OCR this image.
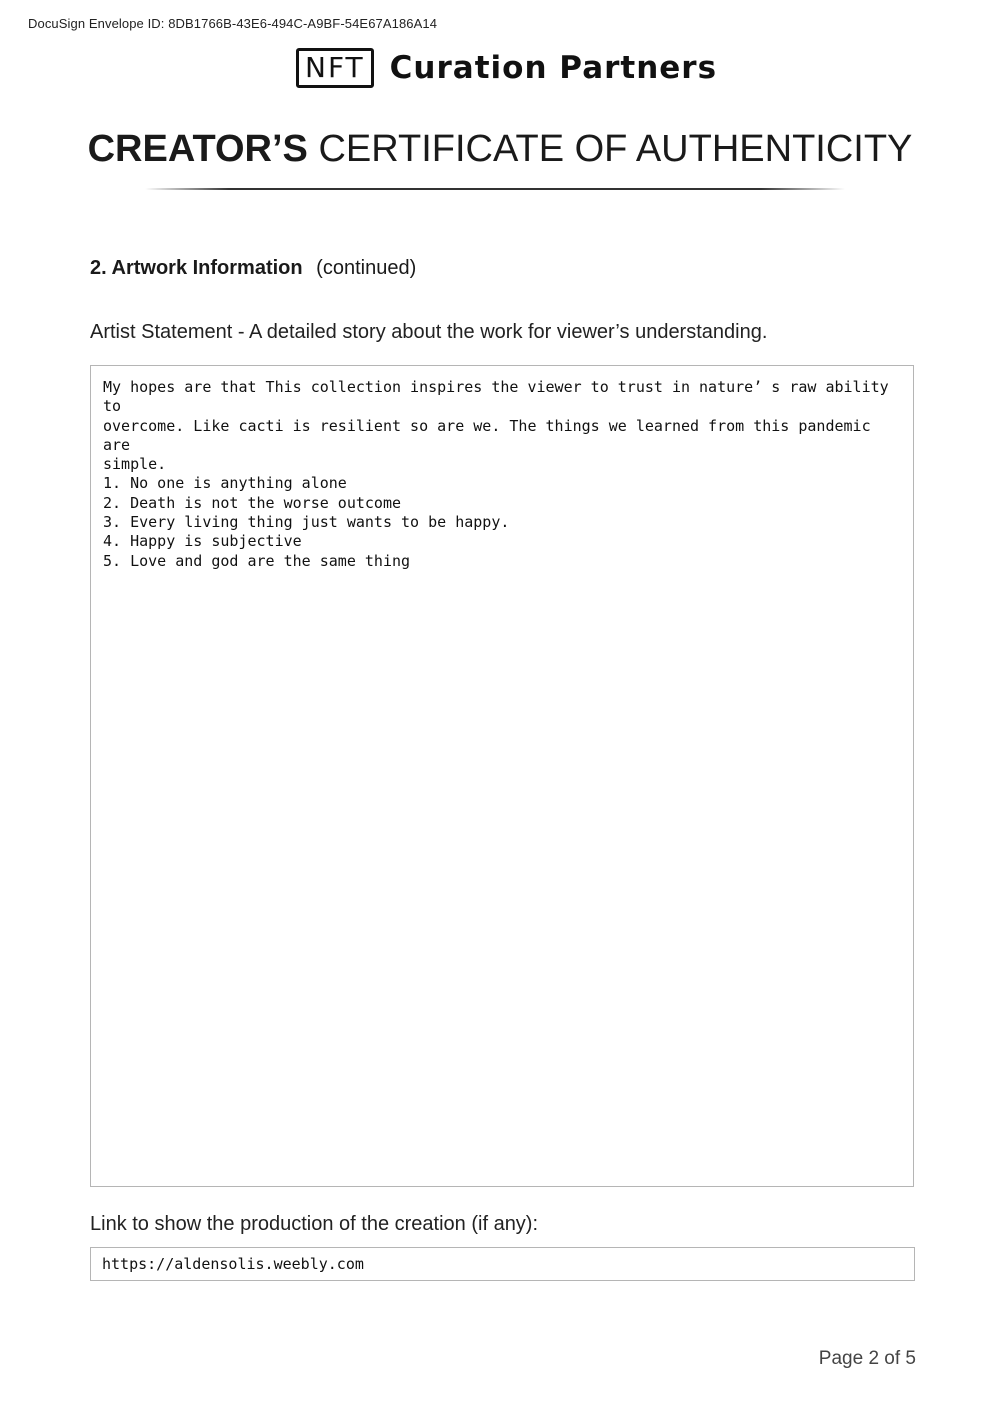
DocuSign Envelope ID: 8DB1766B-43E6-494C-A9BF-54E67A186A14
NFT Curation Partners
CREATOR’S CERTIFICATE OF AUTHENTICITY
2. Artwork Information (continued)
Artist Statement - A detailed story about the work for viewer’s understanding.
My hopes are that This collection inspires the viewer to trust in nature’ s raw ability to
overcome. Like cacti is resilient so are we. The things we learned from this pandemic are
simple.
1. No one is anything alone
2. Death is not the worse outcome
3. Every living thing just wants to be happy.
4. Happy is subjective
5. Love and god are the same thing
Link to show the production of the creation (if any):
https://aldensolis.weebly.com
Page 2 of 5
